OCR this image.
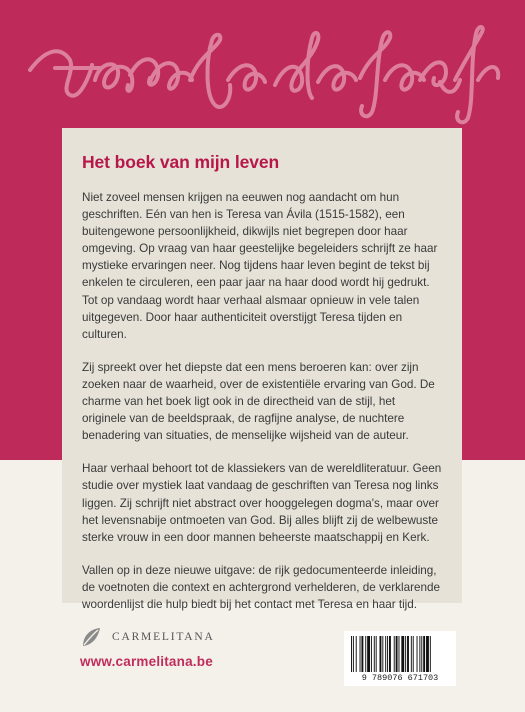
Het boek van mijn leven

Niet zoveel mensen krijgen na eeuwen nog aandacht om hun geschriften. Eén van hen is Teresa van Ávila (1515-1582), een buitengewone persoonlijkheid, dikwijls niet begrepen door haar omgeving. Op vraag van haar geestelijke begeleiders schrijft ze haar mystieke ervaringen neer. Nog tijdens haar leven begint de tekst bij enkelen te circuleren, een paar jaar na haar dood wordt hij gedrukt. Tot op vandaag wordt haar verhaal alsmaar opnieuw in vele talen uitgegeven. Door haar authenticiteit overstijgt Teresa tijden en culturen.

Zij spreekt over het diepste dat een mens beroeren kan: over zijn zoeken naar de waarheid, over de existentiële ervaring van God. De charme van het boek ligt ook in de directheid van de stijl, het originele van de beeldspraak, de ragfijne analyse, de nuchtere benadering van situaties, de menselijke wijsheid van de auteur.

Haar verhaal behoort tot de klassiekers van de wereldliteratuur. Geen studie over mystiek laat vandaag de geschriften van Teresa nog links liggen. Zij schrijft niet abstract over hooggelegen dogma's, maar over het levensnabije ontmoeten van God. Bij alles blijft zij de welbewuste sterke vrouw in een door mannen beheerste maatschappij en Kerk.

Vallen op in deze nieuwe uitgave: de rijk gedocumenteerde inleiding, de voetnoten die context en achtergrond verhelderen, de verklarende woordenlijst die hulp biedt bij het contact met Teresa en haar tijd.

CARMELITANA
www.carmelitana.be
9 789076 671703
